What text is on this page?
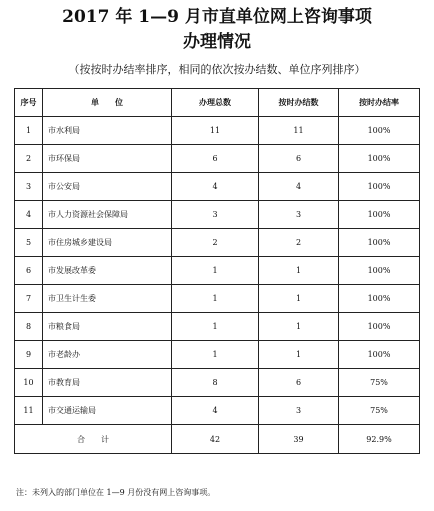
2017 年 1—9 月市直单位网上咨询事项
办理情况
（按按时办结率排序，相同的依次按办结数、单位序列排序）
序号	单　　位	办理总数	按时办结数	按时办结率
1	市水利局	11	11	100%
2	市环保局	6	6	100%
3	市公安局	4	4	100%
4	市人力资源社会保障局	3	3	100%
5	市住房城乡建设局	2	2	100%
6	市发展改革委	1	1	100%
7	市卫生计生委	1	1	100%
8	市粮食局	1	1	100%
9	市老龄办	1	1	100%
10	市教育局	8	6	75%
11	市交通运输局	4	3	75%
合　　计		42	39	92.9%
注：未列入的部门单位在 1—9 月份没有网上咨询事项。
